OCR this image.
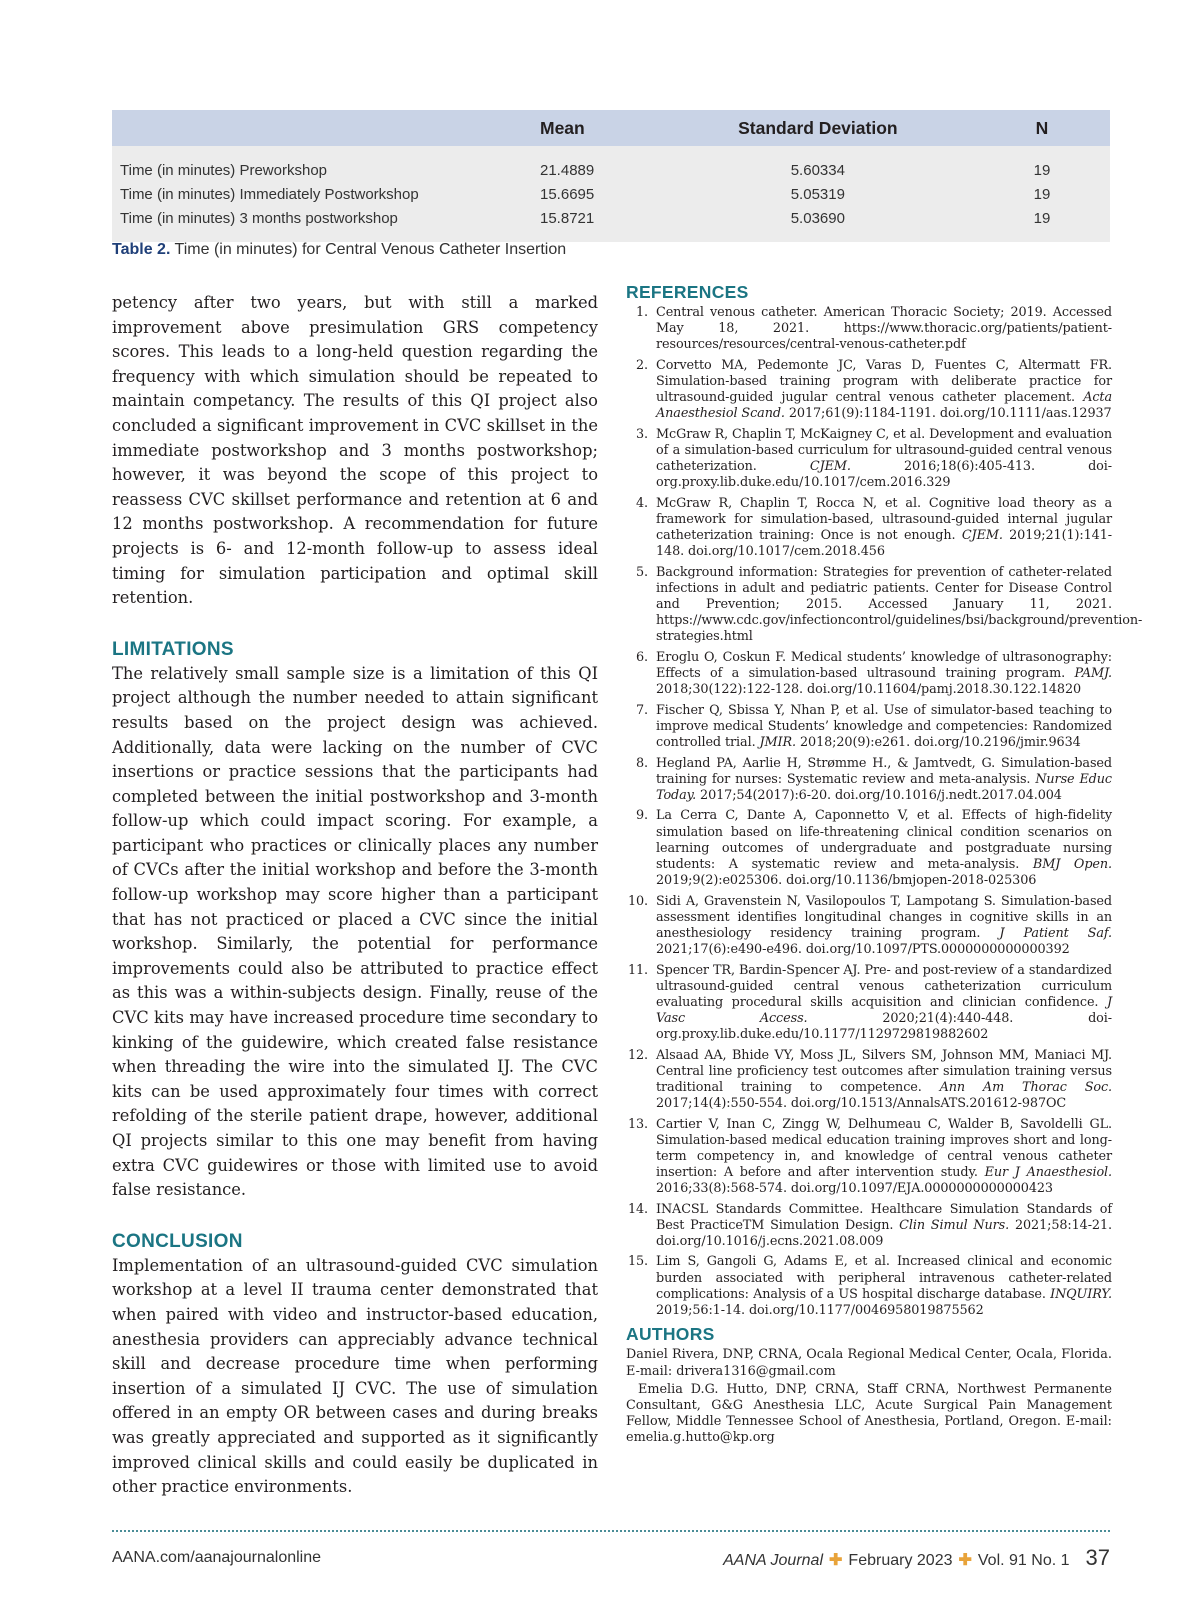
	Mean	Standard Deviation	N
Time (in minutes) Preworkshop	21.4889	5.60334	19
Time (in minutes) Immediately Postworkshop	15.6695	5.05319	19
Time (in minutes) 3 months postworkshop	15.8721	5.03690	19
Table 2. Time (in minutes) for Central Venous Catheter Insertion

petency after two years, but with still a marked improvement above presimulation GRS competency scores. This leads to a long-held question regarding the frequency with which simulation should be repeated to maintain competancy. The results of this QI project also concluded a significant improvement in CVC skillset in the immediate postworkshop and 3 months postworkshop; however, it was beyond the scope of this project to reassess CVC skillset performance and retention at 6 and 12 months postworkshop. A recommendation for future projects is 6- and 12-month follow-up to assess ideal timing for simulation participation and optimal skill retention.

LIMITATIONS

The relatively small sample size is a limitation of this QI project although the number needed to attain significant results based on the project design was achieved. Additionally, data were lacking on the number of CVC insertions or practice sessions that the participants had completed between the initial postworkshop and 3-month follow-up which could impact scoring. For example, a participant who practices or clinically places any number of CVCs after the initial workshop and before the 3-month follow-up workshop may score higher than a participant that has not practiced or placed a CVC since the initial workshop. Similarly, the potential for performance improvements could also be attributed to practice effect as this was a within-subjects design. Finally, reuse of the CVC kits may have increased procedure time secondary to kinking of the guidewire, which created false resistance when threading the wire into the simulated IJ. The CVC kits can be used approximately four times with correct refolding of the sterile patient drape, however, additional QI projects similar to this one may benefit from having extra CVC guidewires or those with limited use to avoid false resistance.

CONCLUSION

Implementation of an ultrasound-guided CVC simulation workshop at a level II trauma center demonstrated that when paired with video and instructor-based education, anesthesia providers can appreciably advance technical skill and decrease procedure time when performing insertion of a simulated IJ CVC. The use of simulation offered in an empty OR between cases and during breaks was greatly appreciated and supported as it significantly improved clinical skills and could easily be duplicated in other practice environments.

REFERENCES
1. Central venous catheter. American Thoracic Society; 2019. Accessed May 18, 2021. https://www.thoracic.org/patients/patient-resources/resources/central-venous-catheter.pdf
2. Corvetto MA, Pedemonte JC, Varas D, Fuentes C, Altermatt FR. Simulation-based training program with deliberate practice for ultrasound-guided jugular central venous catheter placement. Acta Anaesthesiol Scand. 2017;61(9):1184-1191. doi.org/10.1111/aas.12937
3. McGraw R, Chaplin T, McKaigney C, et al. Development and evaluation of a simulation-based curriculum for ultrasound-guided central venous catheterization. CJEM. 2016;18(6):405-413. doi-org.proxy.lib.duke.edu/10.1017/cem.2016.329
4. McGraw R, Chaplin T, Rocca N, et al. Cognitive load theory as a framework for simulation-based, ultrasound-guided internal jugular catheterization training: Once is not enough. CJEM. 2019;21(1):141-148. doi.org/10.1017/cem.2018.456
5. Background information: Strategies for prevention of catheter-related infections in adult and pediatric patients. Center for Disease Control and Prevention; 2015. Accessed January 11, 2021. https://www.cdc.gov/infectioncontrol/guidelines/bsi/background/prevention-strategies.html
6. Eroglu O, Coskun F. Medical students’ knowledge of ultrasonography: Effects of a simulation-based ultrasound training program. PAMJ. 2018;30(122):122-128. doi.org/10.11604/pamj.2018.30.122.14820
7. Fischer Q, Sbissa Y, Nhan P, et al. Use of simulator-based teaching to improve medical Students’ knowledge and competencies: Randomized controlled trial. JMIR. 2018;20(9):e261. doi.org/10.2196/jmir.9634
8. Hegland PA, Aarlie H, Strømme H., & Jamtvedt, G. Simulation-based training for nurses: Systematic review and meta-analysis. Nurse Educ Today. 2017;54(2017):6-20. doi.org/10.1016/j.nedt.2017.04.004
9. La Cerra C, Dante A, Caponnetto V, et al. Effects of high-fidelity simulation based on life-threatening clinical condition scenarios on learning outcomes of undergraduate and postgraduate nursing students: A systematic review and meta-analysis. BMJ Open. 2019;9(2):e025306. doi.org/10.1136/bmjopen-2018-025306
10. Sidi A, Gravenstein N, Vasilopoulos T, Lampotang S. Simulation-based assessment identifies longitudinal changes in cognitive skills in an anesthesiology residency training program. J Patient Saf. 2021;17(6):e490-e496. doi.org/10.1097/PTS.0000000000000392
11. Spencer TR, Bardin-Spencer AJ. Pre- and post-review of a standardized ultrasound-guided central venous catheterization curriculum evaluating procedural skills acquisition and clinician confidence. J Vasc Access. 2020;21(4):440-448. doi-org.proxy.lib.duke.edu/10.1177/1129729819882602
12. Alsaad AA, Bhide VY, Moss JL, Silvers SM, Johnson MM, Maniaci MJ. Central line proficiency test outcomes after simulation training versus traditional training to competence. Ann Am Thorac Soc. 2017;14(4):550-554. doi.org/10.1513/AnnalsATS.201612-987OC
13. Cartier V, Inan C, Zingg W, Delhumeau C, Walder B, Savoldelli GL. Simulation-based medical education training improves short and long-term competency in, and knowledge of central venous catheter insertion: A before and after intervention study. Eur J Anaesthesiol. 2016;33(8):568-574. doi.org/10.1097/EJA.0000000000000423
14. INACSL Standards Committee. Healthcare Simulation Standards of Best PracticeTM Simulation Design. Clin Simul Nurs. 2021;58:14-21. doi.org/10.1016/j.ecns.2021.08.009
15. Lim S, Gangoli G, Adams E, et al. Increased clinical and economic burden associated with peripheral intravenous catheter-related complications: Analysis of a US hospital discharge database. INQUIRY. 2019;56:1-14. doi.org/10.1177/0046958019875562
AUTHORS

Daniel Rivera, DNP, CRNA, Ocala Regional Medical Center, Ocala, Florida. E-mail: drivera1316@gmail.com

Emelia D.G. Hutto, DNP, CRNA, Staff CRNA, Northwest Permanente Consultant, G&G Anesthesia LLC, Acute Surgical Pain Management Fellow, Middle Tennessee School of Anesthesia, Portland, Oregon. E-mail: emelia.g.hutto@kp.org

AANA.com/aanajournalonline	AANA Journal ✚ February 2023 ✚ Vol. 91 No. 1 37
